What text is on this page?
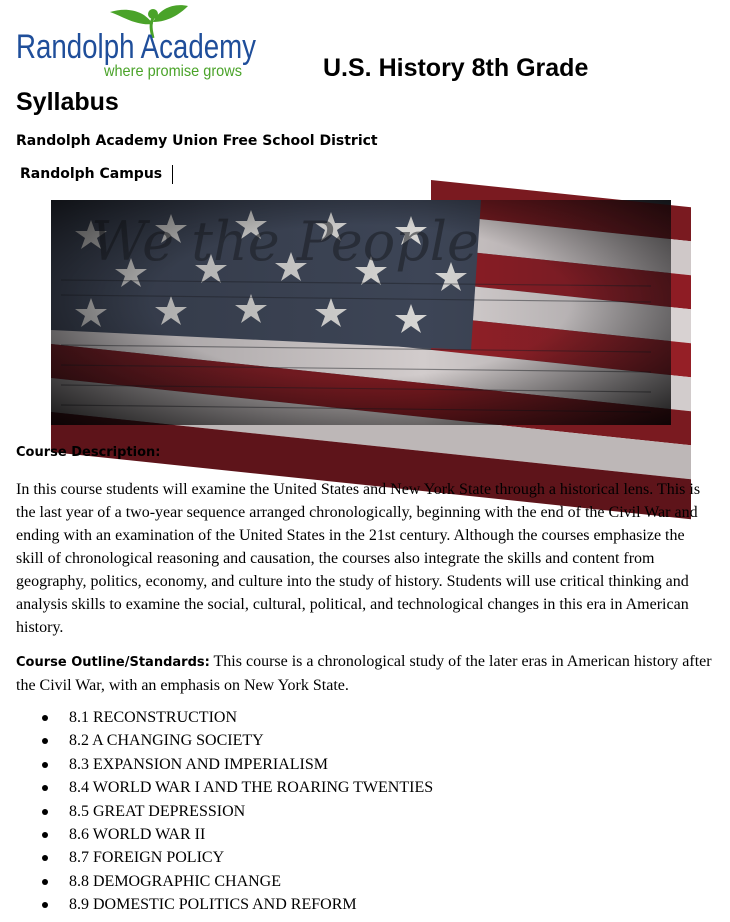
Randolph Academy
where promise grows	U.S. History 8th Grade
Syllabus
Randolph Academy Union Free School District
Randolph Campus
Course Description:
In this course students will examine the United States and New York State through a historical lens. This is the last year of a two-year sequence arranged chronologically, beginning with the end of the Civil War and ending with an examination of the United States in the 21st century. Although the courses emphasize the skill of chronological reasoning and causation, the courses also integrate the skills and content from geography, politics, economy, and culture into the study of history. Students will use critical thinking and analysis skills to examine the social, cultural, political, and technological changes in this era in American history.
Course Outline/Standards: This course is a chronological study of the later eras in American history after the Civil War, with an emphasis on New York State.
8.1 RECONSTRUCTION
8.2 A CHANGING SOCIETY
8.3 EXPANSION AND IMPERIALISM
8.4 WORLD WAR I AND THE ROARING TWENTIES
8.5 GREAT DEPRESSION
8.6 WORLD WAR II
8.7 FOREIGN POLICY
8.8 DEMOGRAPHIC CHANGE
8.9 DOMESTIC POLITICS AND REFORM
